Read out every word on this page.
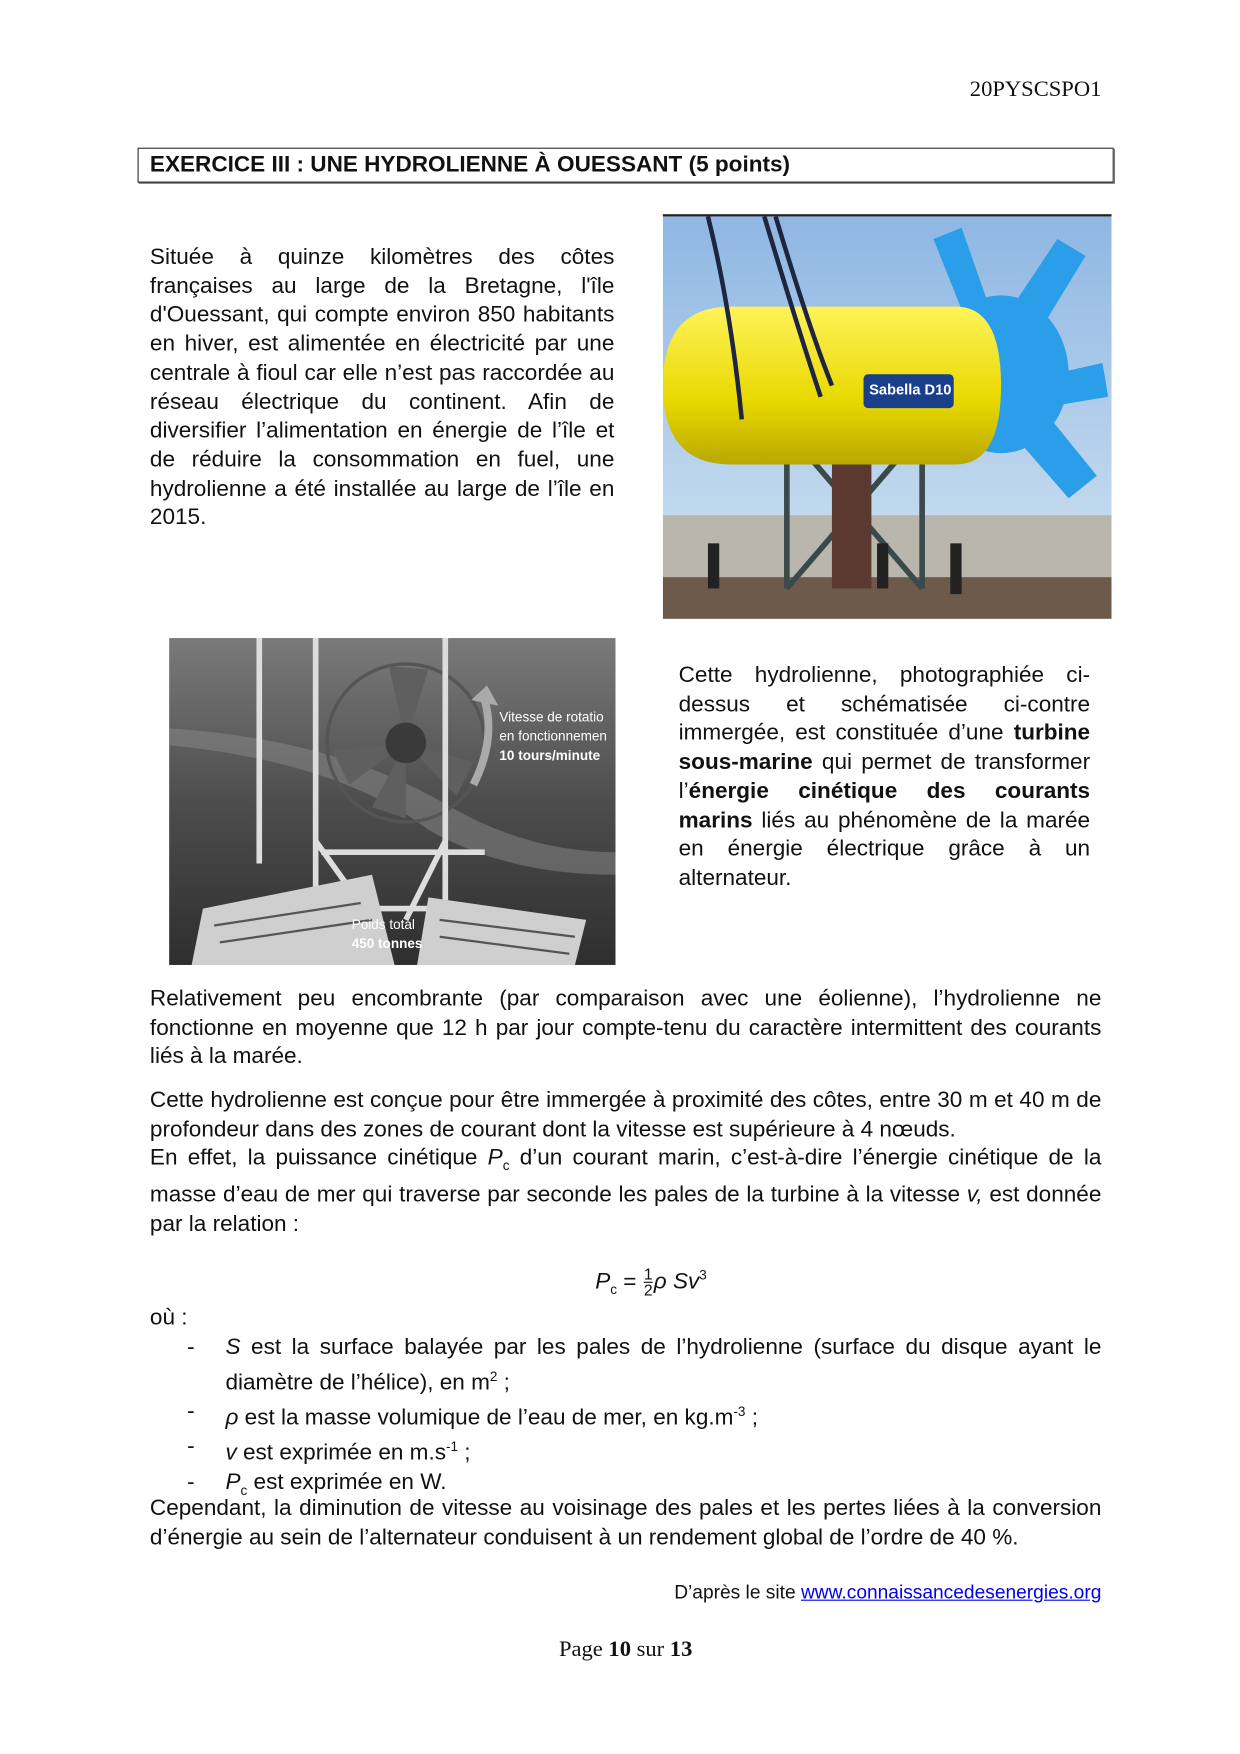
20PYSCSPO1
EXERCICE III : UNE HYDROLIENNE À OUESSANT (5 points)
Située à quinze kilomètres des côtes françaises au large de la Bretagne, l'île d'Ouessant, qui compte environ 850 habitants en hiver, est alimentée en électricité par une centrale à fioul car elle n’est pas raccordée au réseau électrique du continent. Afin de diversifier l’alimentation en énergie de l’île et de réduire la consommation en fuel, une hydrolienne a été installée au large de l’île en 2015.
Sabella D10
Vitesse de rotatio
en fonctionnemen
10 tours/minute
Poids total
450 tonnes
Cette hydrolienne, photographiée ci-dessus et schématisée ci-contre immergée, est constituée d’une turbine sous-marine qui permet de transformer l’énergie cinétique des courants marins liés au phénomène de la marée en énergie électrique grâce à un alternateur.
Relativement peu encombrante (par comparaison avec une éolienne), l’hydrolienne ne fonctionne en moyenne que 12 h par jour compte-tenu du caractère intermittent des courants liés à la marée.
Cette hydrolienne est conçue pour être immergée à proximité des côtes, entre 30 m et 40 m de profondeur dans des zones de courant dont la vitesse est supérieure à 4 nœuds.
En effet, la puissance cinétique $P_c$ d’un courant marin, c’est-à-dire l’énergie cinétique de la masse d’eau de mer qui traverse par seconde les pales de la turbine à la vitesse v, est donnée par la relation :
$P_c = \frac{1}{2}$ ρ Sv$^3$
où :
- S est la surface balayée par les pales de l’hydrolienne (surface du disque ayant le diamètre de l’hélice), en $m^2$ ;
- ρ est la masse volumique de l’eau de mer, en $kg.m^{-3}$ ;
- v est exprimée en $m.s^{-1}$ ;
- $P_c$ est exprimée en W.
Cependant, la diminution de vitesse au voisinage des pales et les pertes liées à la conversion d’énergie au sein de l’alternateur conduisent à un rendement global de l’ordre de 40 %.
D’après le site www.connaissancedesenergies.org
Page 10 sur 13
